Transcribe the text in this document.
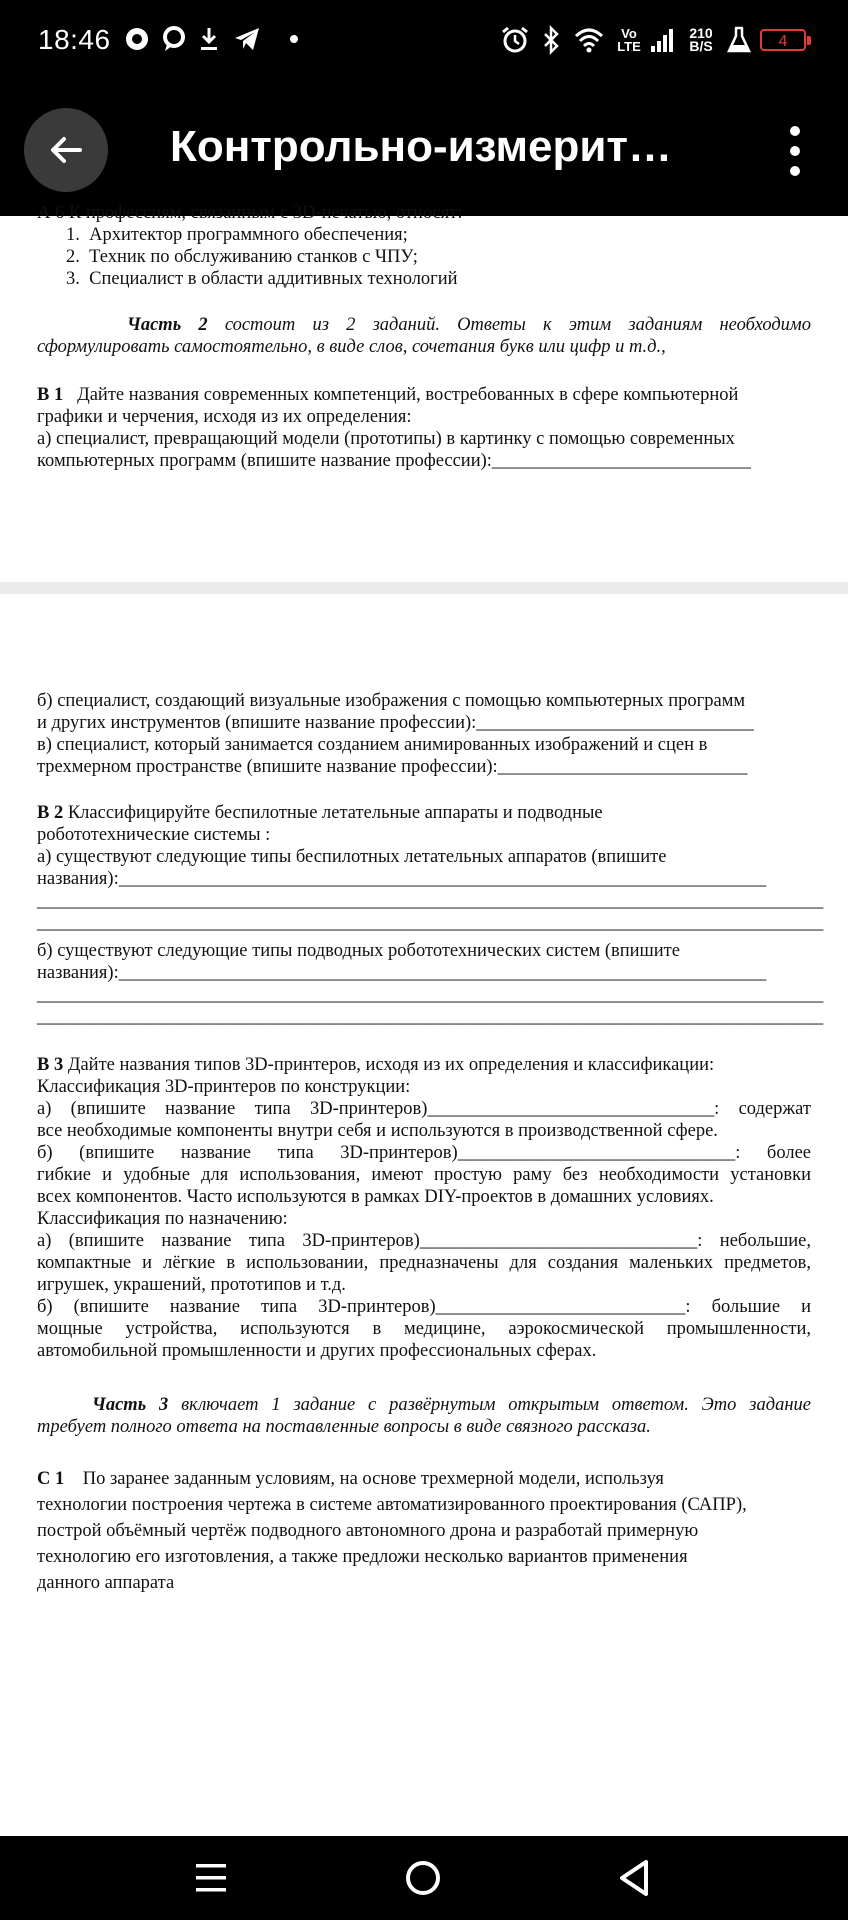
18:46	Vo
LTE
210
B/S	4
Контрольно-измерит…
А 6 К профессиям, связанным с 3D-печатью, относят:
1. Архитектор программного обеспечения;
2. Техник по обслуживанию станков с ЧПУ;
3. Специалист в области аддитивных технологий
Часть 2 состоит из 2 заданий. Ответы к этим заданиям необходимо
сформулировать самостоятельно, в виде слов, сочетания букв или цифр и т.д.,
В 1 Дайте названия современных компетенций, востребованных в сфере компьютерной
графики и черчения, исходя из их определения:
а) специалист, превращающий модели (прототипы) в картинку с помощью современных
компьютерных программ (впишите название профессии):____________________________
б) специалист, создающий визуальные изображения с помощью компьютерных программ
и других инструментов (впишите название профессии):______________________________
в) специалист, который занимается созданием анимированных изображений и сцен в
трехмерном пространстве (впишите название профессии):___________________________
В 2 Классифицируйте беспилотные летательные аппараты и подводные
робототехнические системы :
а) существуют следующие типы беспилотных летательных аппаратов (впишите
названия):______________________________________________________________________
_____________________________________________________________________________________
_____________________________________________________________________________________
б) существуют следующие типы подводных робототехнических систем (впишите
названия):______________________________________________________________________
_____________________________________________________________________________________
_____________________________________________________________________________________
В 3 Дайте названия типов 3D-принтеров, исходя из их определения и классификации:
Классификация 3D-принтеров по конструкции:
а) (впишите название типа 3D-принтеров)_______________________________: содержат
все необходимые компоненты внутри себя и используются в производственной сфере.
б) (впишите название типа 3D-принтеров)______________________________: более
гибкие и удобные для использования, имеют простую раму без необходимости установки
всех компонентов. Часто используются в рамках DIY-проектов в домашних условиях.
Классификация по назначению:
а) (впишите название типа 3D-принтеров)______________________________: небольшие,
компактные и лёгкие в использовании, предназначены для создания маленьких предметов,
игрушек, украшений, прототипов и т.д.
б) (впишите название типа 3D-принтеров)___________________________: большие и
мощные устройства, используются в медицине, аэрокосмической промышленности,
автомобильной промышленности и других профессиональных сферах.
Часть 3 включает 1 задание с развёрнутым открытым ответом. Это задание
требует полного ответа на поставленные вопросы в виде связного рассказа.
С 1 По заранее заданным условиям, на основе трехмерной модели, используя
технологии построения чертежа в системе автоматизированного проектирования (САПР),
построй объёмный чертёж подводного автономного дрона и разработай примерную
технологию его изготовления, а также предложи несколько вариантов применения
данного аппарата
